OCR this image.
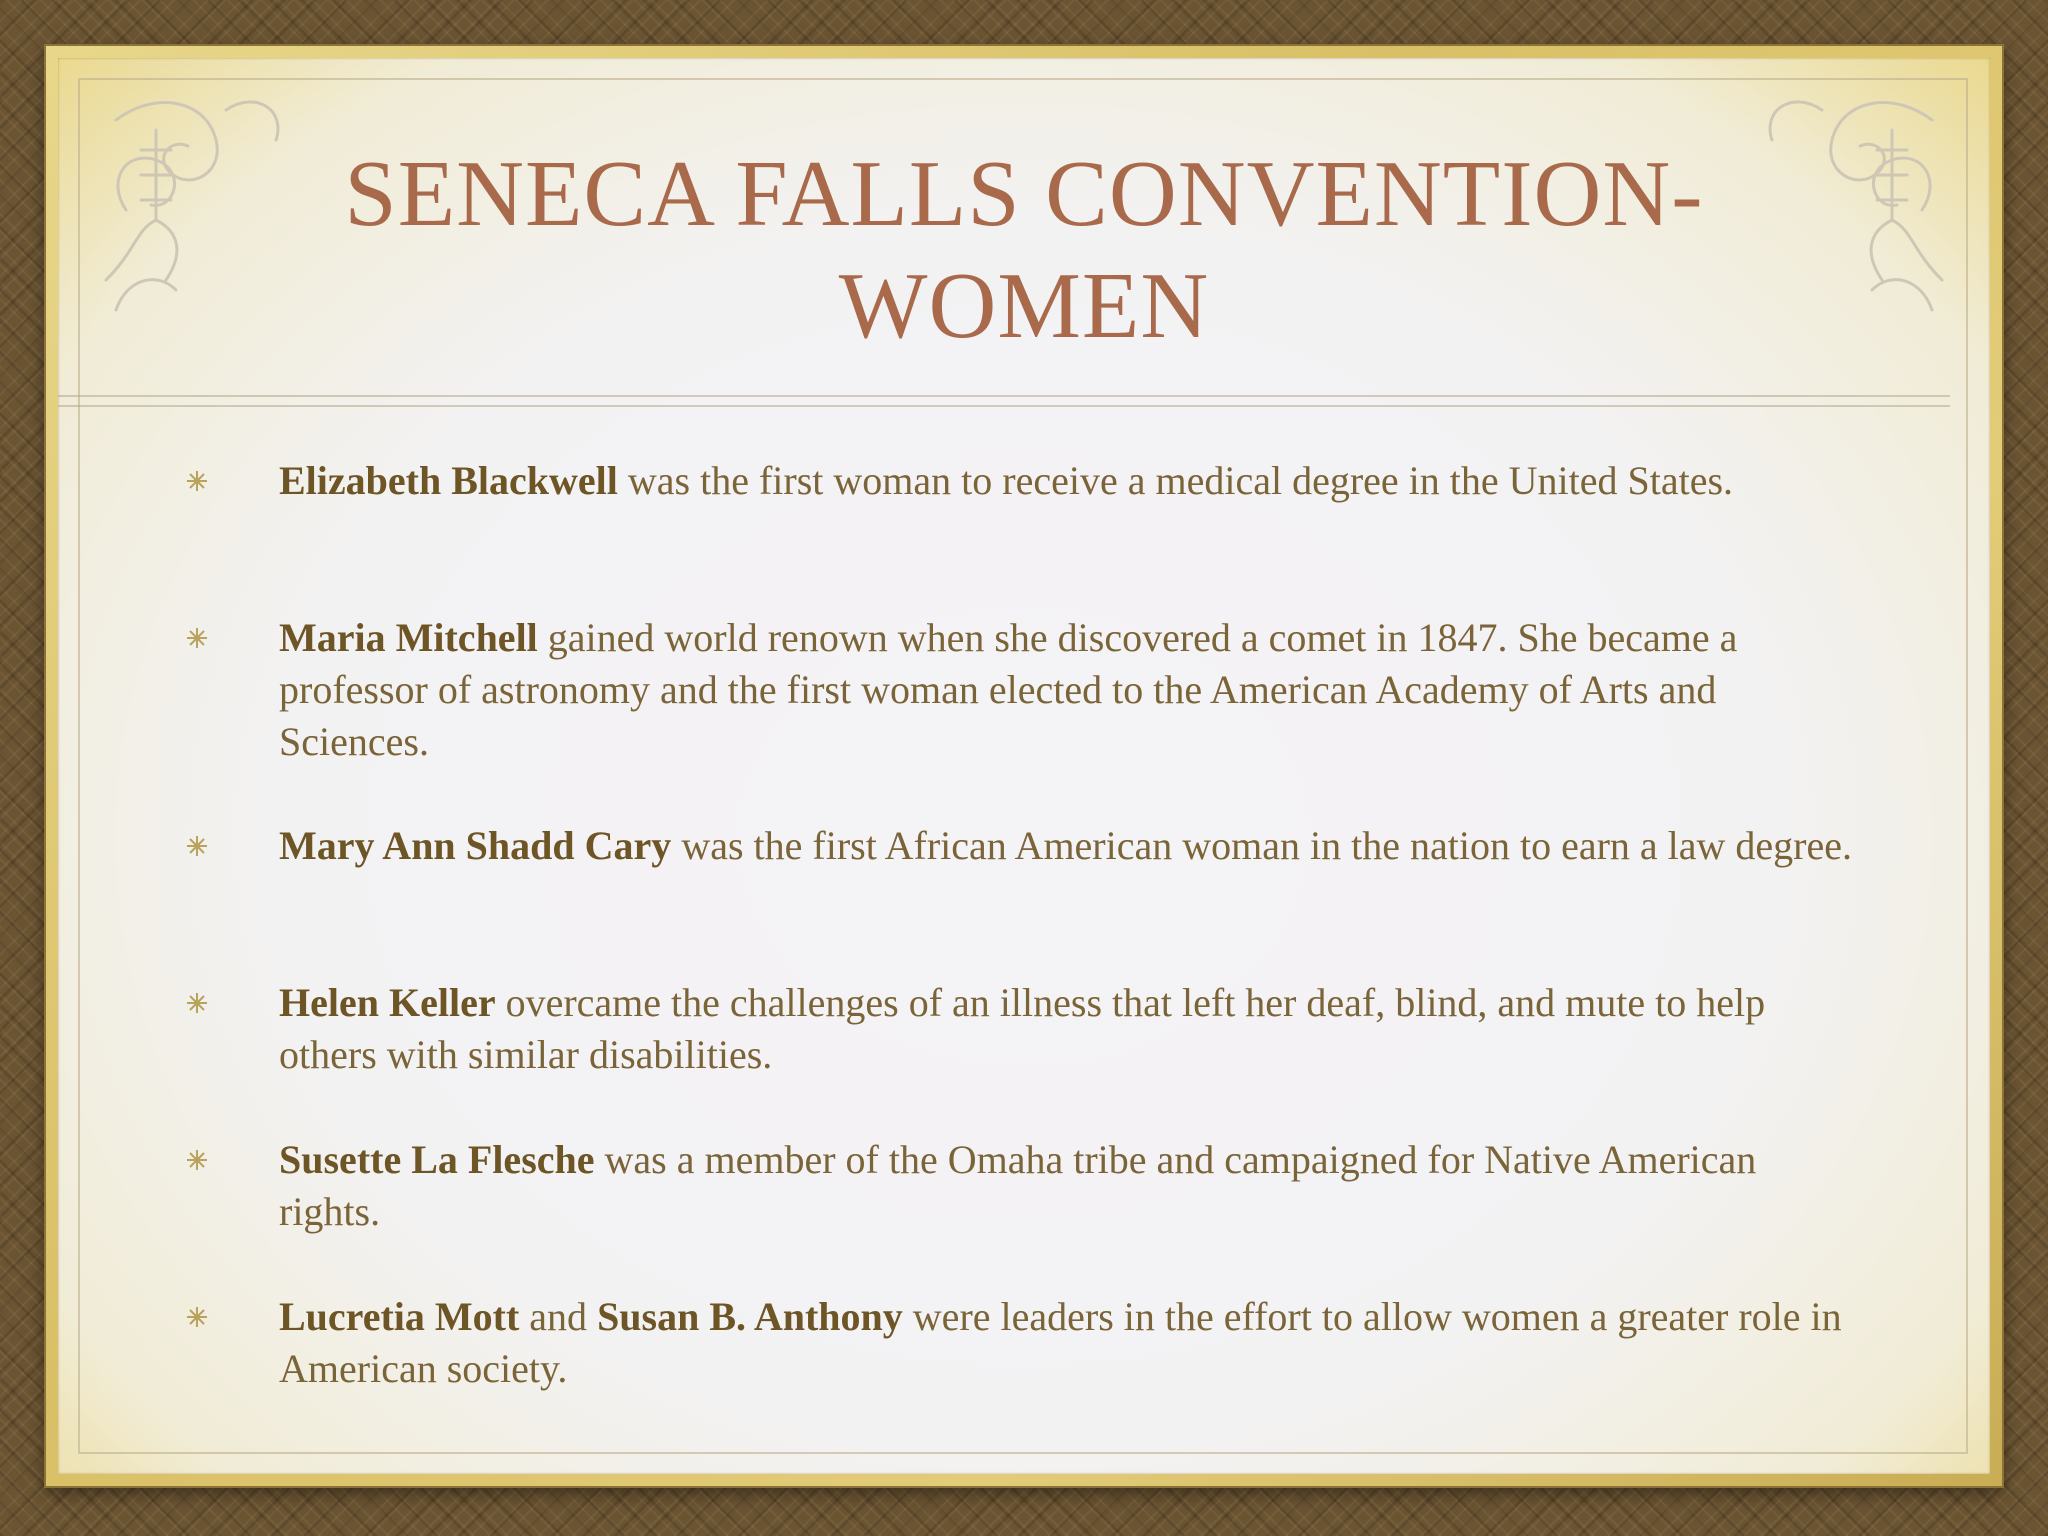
SENECA FALLS CONVENTION-
WOMEN
Elizabeth Blackwell was the first woman to receive a medical degree in the United States.
Maria Mitchell gained world renown when she discovered a comet in 1847. She became a professor of astronomy and the first woman elected to the American Academy of Arts and Sciences.
Mary Ann Shadd Cary was the first African American woman in the nation to earn a law degree.
Helen Keller overcame the challenges of an illness that left her deaf, blind, and mute to help others with similar disabilities.
Susette La Flesche was a member of the Omaha tribe and campaigned for Native American rights.
Lucretia Mott and Susan B. Anthony were leaders in the effort to allow women a greater role in American society.
